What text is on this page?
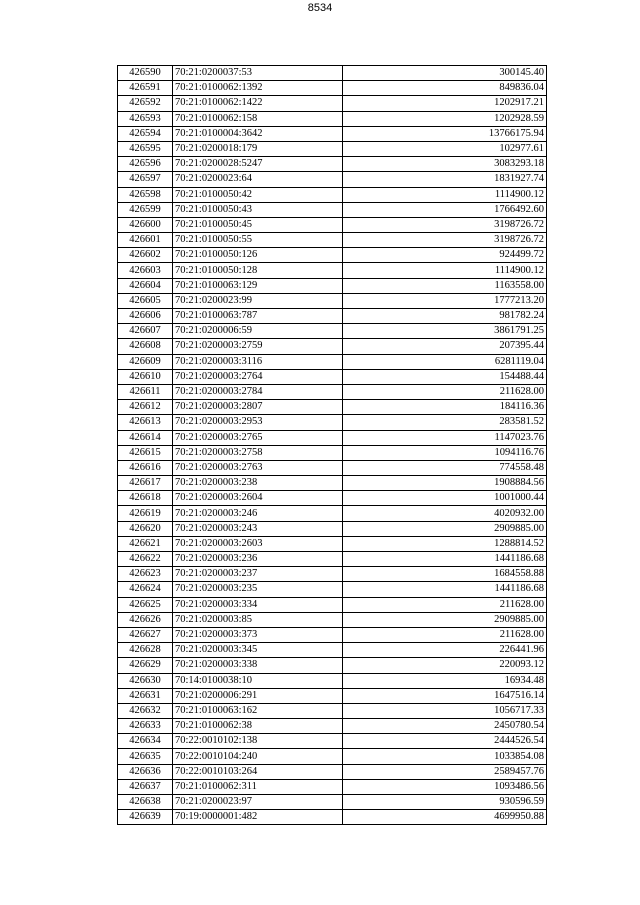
8534
426590	70:21:0200037:53	300145.40
426591	70:21:0100062:1392	849836.04
426592	70:21:0100062:1422	1202917.21
426593	70:21:0100062:158	1202928.59
426594	70:21:0100004:3642	13766175.94
426595	70:21:0200018:179	102977.61
426596	70:21:0200028:5247	3083293.18
426597	70:21:0200023:64	1831927.74
426598	70:21:0100050:42	1114900.12
426599	70:21:0100050:43	1766492.60
426600	70:21:0100050:45	3198726.72
426601	70:21:0100050:55	3198726.72
426602	70:21:0100050:126	924499.72
426603	70:21:0100050:128	1114900.12
426604	70:21:0100063:129	1163558.00
426605	70:21:0200023:99	1777213.20
426606	70:21:0100063:787	981782.24
426607	70:21:0200006:59	3861791.25
426608	70:21:0200003:2759	207395.44
426609	70:21:0200003:3116	6281119.04
426610	70:21:0200003:2764	154488.44
426611	70:21:0200003:2784	211628.00
426612	70:21:0200003:2807	184116.36
426613	70:21:0200003:2953	283581.52
426614	70:21:0200003:2765	1147023.76
426615	70:21:0200003:2758	1094116.76
426616	70:21:0200003:2763	774558.48
426617	70:21:0200003:238	1908884.56
426618	70:21:0200003:2604	1001000.44
426619	70:21:0200003:246	4020932.00
426620	70:21:0200003:243	2909885.00
426621	70:21:0200003:2603	1288814.52
426622	70:21:0200003:236	1441186.68
426623	70:21:0200003:237	1684558.88
426624	70:21:0200003:235	1441186.68
426625	70:21:0200003:334	211628.00
426626	70:21:0200003:85	2909885.00
426627	70:21:0200003:373	211628.00
426628	70:21:0200003:345	226441.96
426629	70:21:0200003:338	220093.12
426630	70:14:0100038:10	16934.48
426631	70:21:0200006:291	1647516.14
426632	70:21:0100063:162	1056717.33
426633	70:21:0100062:38	2450780.54
426634	70:22:0010102:138	2444526.54
426635	70:22:0010104:240	1033854.08
426636	70:22:0010103:264	2589457.76
426637	70:21:0100062:311	1093486.56
426638	70:21:0200023:97	930596.59
426639	70:19:0000001:482	4699950.88
